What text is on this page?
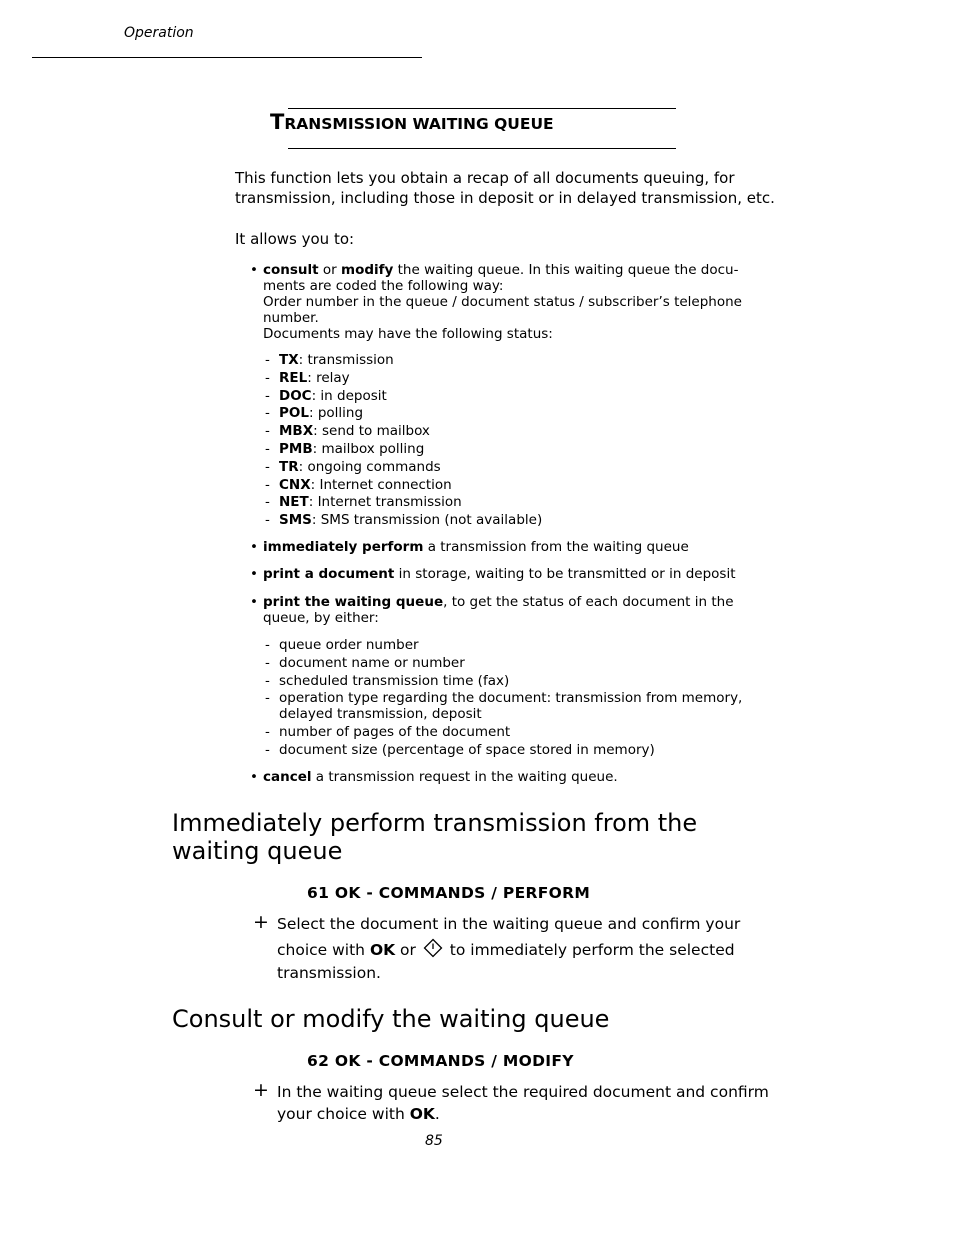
Operation
TRANSMISSION WAITING QUEUE
This function lets you obtain a recap of all documents queuing, for transmission, including those in deposit or in delayed transmission, etc.
It allows you to:
• consult or modify the waiting queue. In this waiting queue the docu-
ments are coded the following way:
Order number in the queue / document status / subscriber’s telephone
number.
Documents may have the following status:
- TX: transmission
- REL: relay
- DOC: in deposit
- POL: polling
- MBX: send to mailbox
- PMB: mailbox polling
- TR: ongoing commands
- CNX: Internet connection
- NET: Internet transmission
- SMS: SMS transmission (not available)
• immediately perform a transmission from the waiting queue
• print a document in storage, waiting to be transmitted or in deposit
• print the waiting queue, to get the status of each document in the
queue, by either:
- queue order number
- document name or number
- scheduled transmission time (fax)
- operation type regarding the document: transmission from memory, delayed transmission, deposit
- number of pages of the document
- document size (percentage of space stored in memory)
• cancel a transmission request in the waiting queue.
Immediately perform transmission from the
waiting queue
61 OK - COMMANDS / PERFORM
+ Select the document in the waiting queue and confirm your
choice with OK or  to immediately perform the selected
transmission.
Consult or modify the waiting queue
62 OK - COMMANDS / MODIFY
+ In the waiting queue select the required document and confirm
your choice with OK.
85
